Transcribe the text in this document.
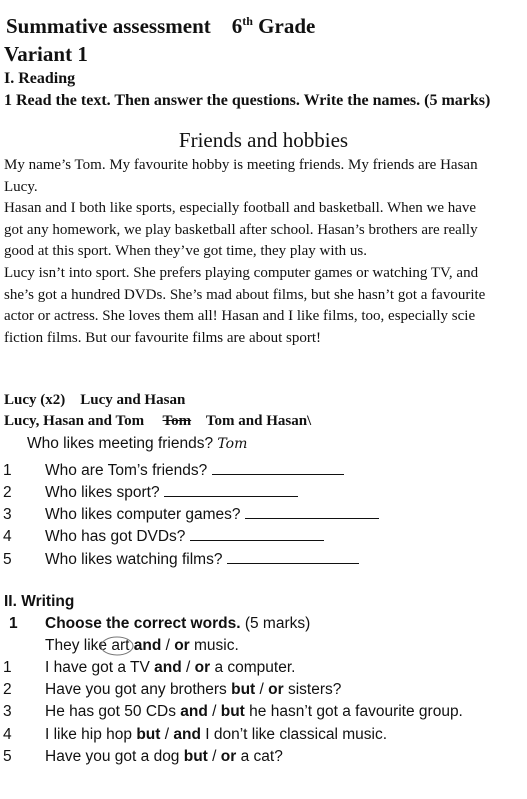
Summative assessment 6th Grade
Variant 1
I. Reading
1 Read the text. Then answer the questions. Write the names. (5 marks)
Friends and hobbies
My name’s Tom. My favourite hobby is meeting friends. My friends are Hasan
Lucy.
Hasan and I both like sports, especially football and basketball. When we have
got any homework, we play basketball after school. Hasan’s brothers are really
good at this sport. When they’ve got time, they play with us.
Lucy isn’t into sport. She prefers playing computer games or watching TV, and
she’s got a hundred DVDs. She’s mad about films, but she hasn’t got a favourite
actor or actress. She loves them all! Hasan and I like films, too, especially scie
fiction films. But our favourite films are about sport!
Lucy (x2)    Lucy and Hasan
Lucy, Hasan and Tom Tom Tom and Hasan\
Who likes meeting friends? Tom
1 Who are Tom’s friends?
2 Who likes sport?
3 Who likes computer games?
4 Who has got DVDs?
5 Who likes watching films?
II. Writing
1 Choose the correct words. (5 marks)
They like art and / or music.
1 I have got a TV and / or a computer.
2 Have you got any brothers but / or sisters?
3 He has got 50 CDs and / but he hasn’t got a favourite group.
4 I like hip hop but / and I don’t like classical music.
5 Have you got a dog but / or a cat?
